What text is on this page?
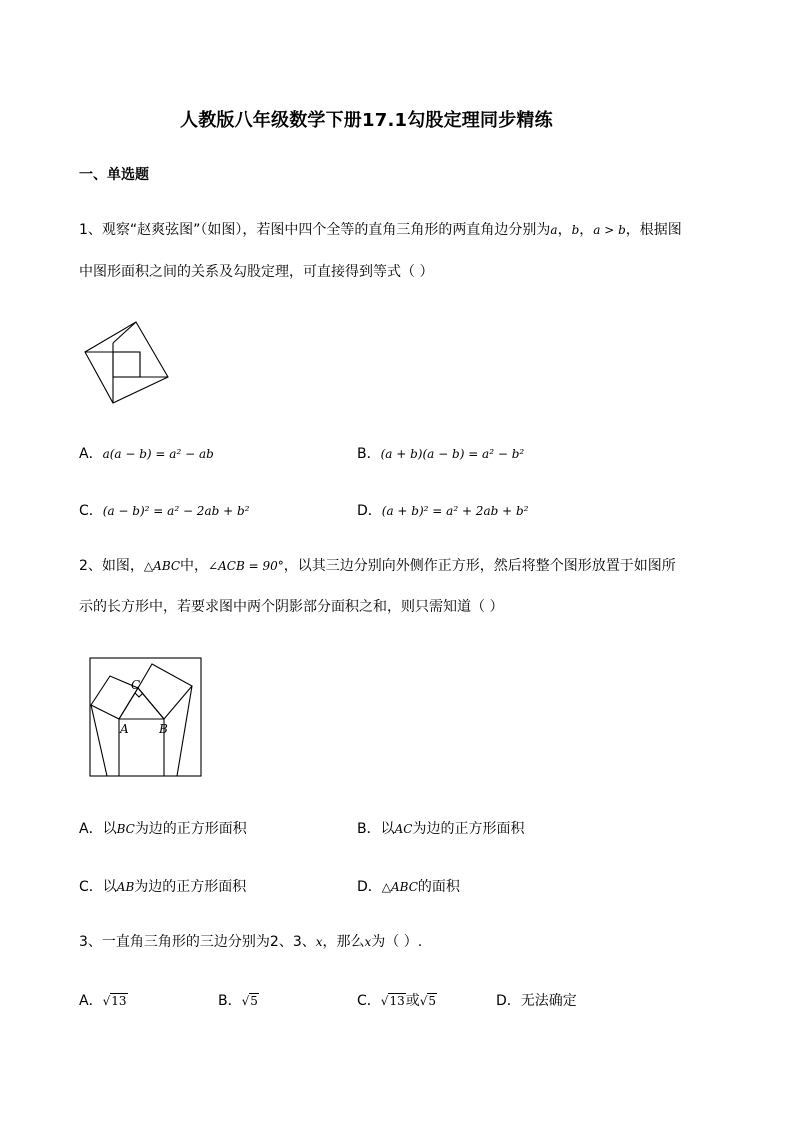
人教版八年级数学下册17.1勾股定理同步精练
一、单选题
1、观察“赵爽弦图”（如图），若图中四个全等的直角三角形的两直角边分别为a，b，a > b，根据图
中图形面积之间的关系及勾股定理，可直接得到等式（ ）
A．a(a − b) = a² − ab	B．(a + b)(a − b) = a² − b²
C．(a − b)² = a² − 2ab + b²	D．(a + b)² = a² + 2ab + b²
2、如图，△ABC中，∠ACB = 90°，以其三边分别向外侧作正方形，然后将整个图形放置于如图所
示的长方形中，若要求图中两个阴影部分面积之和，则只需知道（ ）
C
A	B
A．以BC为边的正方形面积	B．以AC为边的正方形面积
C．以AB为边的正方形面积	D．△ABC的面积
3、一直角三角形的三边分别为2、3、x，那么x为（ ）.
A．√13	B．√5	C．√13或√5	D．无法确定
